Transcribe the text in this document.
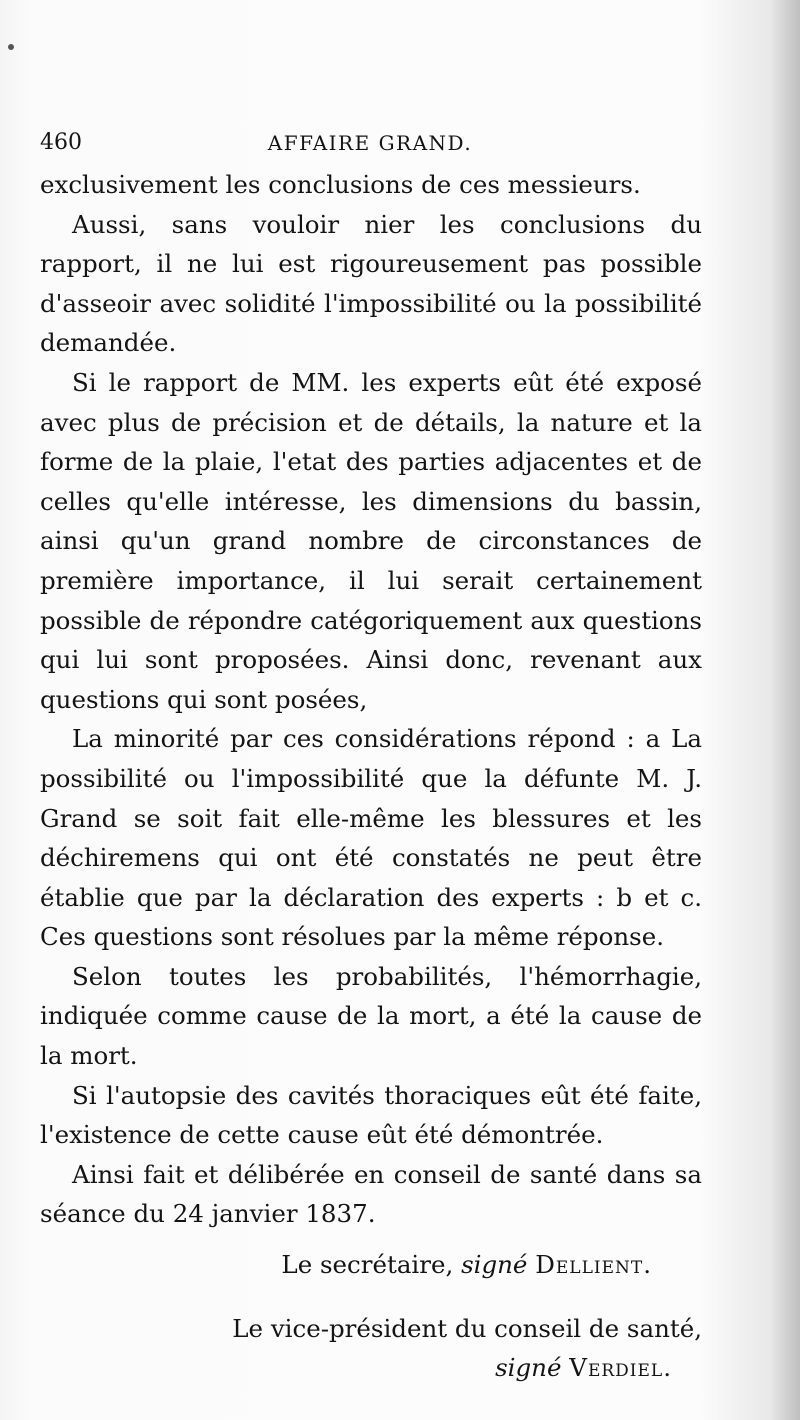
460	AFFAIRE GRAND.

exclusivement les conclusions de ces messieurs.

Aussi, sans vouloir nier les conclusions du rapport, il ne lui est rigoureusement pas possible d'asseoir avec solidité l'impossibilité ou la possibilité demandée.

Si le rapport de MM. les experts eût été exposé avec plus de précision et de détails, la nature et la forme de la plaie, l'etat des parties adjacentes et de celles qu'elle intéresse, les dimensions du bassin, ainsi qu'un grand nombre de circonstances de première importance, il lui serait certainement possible de répondre catégoriquement aux questions qui lui sont proposées. Ainsi donc, revenant aux questions qui sont posées,

La minorité par ces considérations répond : a La possibilité ou l'impossibilité que la défunte M. J. Grand se soit fait elle-même les blessures et les déchiremens qui ont été constatés ne peut être établie que par la déclaration des experts : b et c. Ces questions sont résolues par la même réponse.

Selon toutes les probabilités, l'hémorrhagie, indiquée comme cause de la mort, a été la cause de la mort.

Si l'autopsie des cavités thoraciques eût été faite, l'existence de cette cause eût été démontrée.

Ainsi fait et délibérée en conseil de santé dans sa séance du 24 janvier 1837.

Le secrétaire, signé Dellient.
Le vice-président du conseil de santé,
signé Verdiel.
